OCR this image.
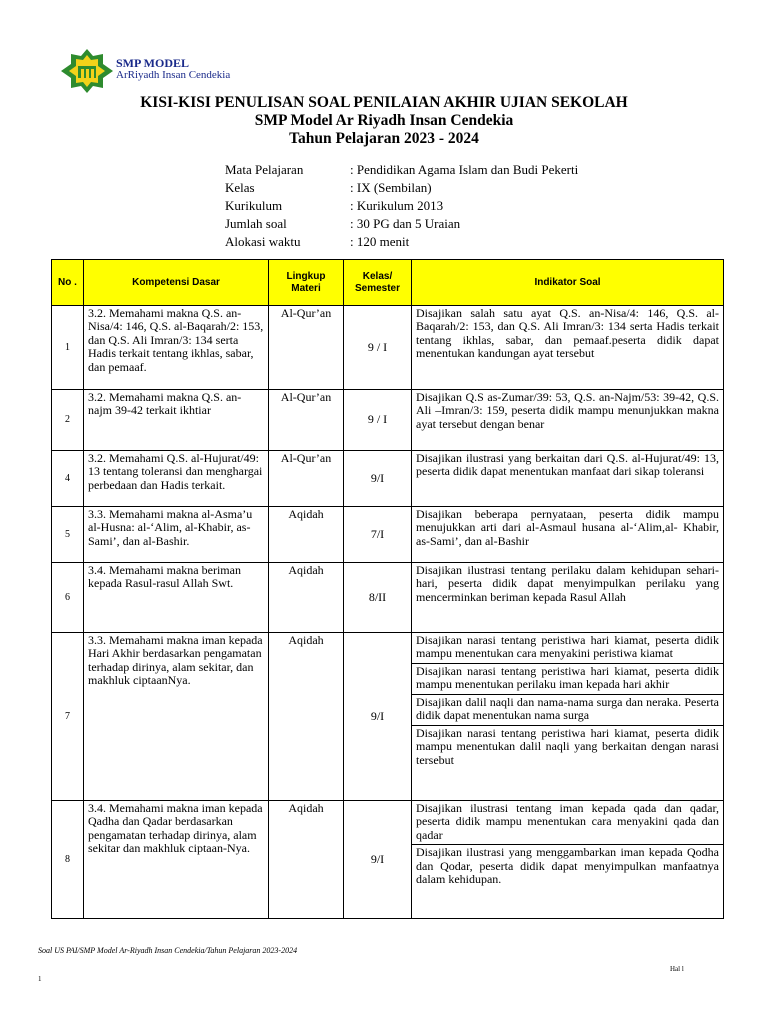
SMP MODEL
ArRiyadh Insan Cendekia
KISI-KISI PENULISAN SOAL PENILAIAN AKHIR UJIAN SEKOLAH
SMP Model Ar Riyadh Insan Cendekia
Tahun Pelajaran 2023 - 2024
Mata Pelajaran	: Pendidikan Agama Islam dan Budi Pekerti
Kelas	: IX (Sembilan)
Kurikulum	: Kurikulum 2013
Jumlah soal	: 30 PG dan 5 Uraian
Alokasi waktu	: 120 menit
No .	Kompetensi Dasar	Lingkup Materi	Kelas/ Semester	Indikator Soal
1	3.2. Memahami makna Q.S. an-Nisa/4: 146, Q.S. al-Baqarah/2: 153, dan Q.S. Ali Imran/3: 134 serta Hadis terkait tentang ikhlas, sabar, dan pemaaf.	Al-Qur’an	9 / I	Disajikan salah satu ayat Q.S. an-Nisa/4: 146, Q.S. al-Baqarah/2: 153, dan Q.S. Ali Imran/3: 134 serta Hadis terkait tentang ikhlas, sabar, dan pemaaf.peserta didik dapat menentukan kandungan ayat tersebut
2	3.2. Memahami makna Q.S. an- najm 39-42 terkait ikhtiar	Al-Qur’an	9 / I	Disajikan Q.S as-Zumar/39: 53, Q.S. an-Najm/53: 39-42, Q.S. Ali –Imran/3: 159, peserta didik mampu menunjukkan makna ayat tersebut dengan benar
4	3.2. Memahami Q.S. al-Hujurat/49: 13 tentang toleransi dan menghargai perbedaan dan Hadis terkait.	Al-Qur’an	9/I	Disajikan ilustrasi yang berkaitan dari Q.S. al-Hujurat/49: 13, peserta didik dapat menentukan manfaat dari sikap toleransi
5	3.3. Memahami makna al-Asma’u al-Husna: al-‘Alim, al-Khabir, as-Sami’, dan al-Bashir.	Aqidah	7/I	Disajikan beberapa pernyataan, peserta didik mampu menujukkan arti dari al-Asmaul husana al-‘Alim,al- Khabir, as-Sami’, dan al-Bashir
6	3.4. Memahami makna beriman kepada Rasul-rasul Allah Swt.	Aqidah	8/II	Disajikan ilustrasi tentang perilaku dalam kehidupan sehari-hari, peserta didik dapat menyimpulkan perilaku yang mencerminkan beriman kepada Rasul Allah
7	3.3. Memahami makna iman kepada Hari Akhir berdasarkan pengamatan terhadap dirinya, alam sekitar, dan makhluk ciptaanNya.	Aqidah	9/I	Disajikan narasi tentang peristiwa hari kiamat, peserta didik mampu menentukan cara menyakini peristiwa kiamat
Disajikan narasi tentang peristiwa hari kiamat, peserta didik mampu menentukan perilaku iman kepada hari akhir
Disajikan dalil naqli dan nama-nama surga dan neraka. Peserta didik dapat menentukan nama surga
Disajikan narasi tentang peristiwa hari kiamat, peserta didik mampu menentukan dalil naqli yang berkaitan dengan narasi tersebut

8	3.4. Memahami makna iman kepada Qadha dan Qadar berdasarkan pengamatan terhadap dirinya, alam sekitar dan makhluk ciptaan-Nya.	Aqidah	9/I	Disajikan ilustrasi tentang iman kepada qada dan qadar, peserta didik mampu menentukan cara menyakini qada dan qadar
Disajikan ilustrasi yang menggambarkan iman kepada Qodha dan Qodar, peserta didik dapat menyimpulkan manfaatnya dalam kehidupan.
Soal US PAI/SMP Model Ar-Riyadh Insan Cendekia/Tahun Pelajaran 2023-2024
Hal l
1
